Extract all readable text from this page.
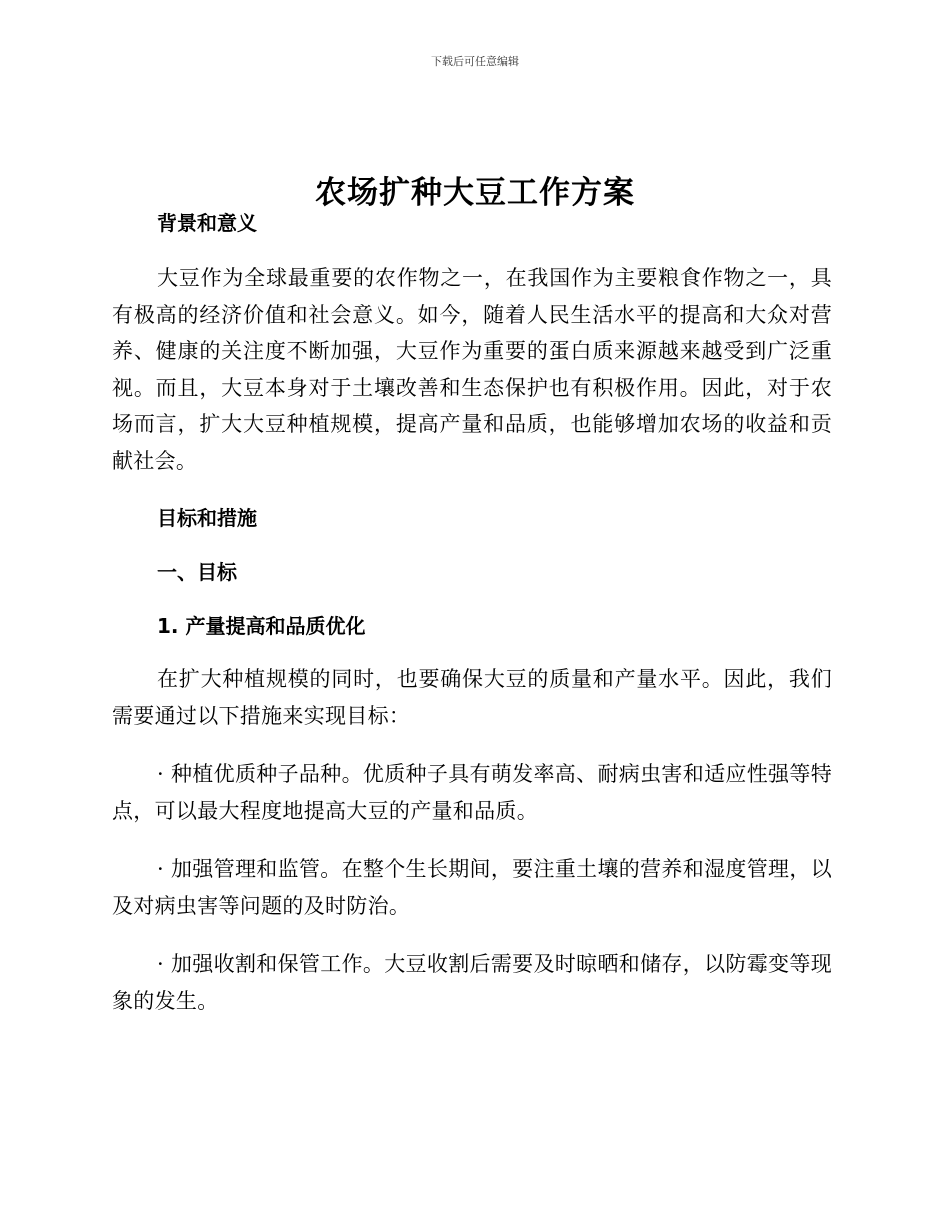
下载后可任意编辑
农场扩种大豆工作方案

背景和意义

大豆作为全球最重要的农作物之一，在我国作为主要粮食作物之一，具有极高的经济价值和社会意义。如今，随着人民生活水平的提高和大众对营养、健康的关注度不断加强，大豆作为重要的蛋白质来源越来越受到广泛重视。而且，大豆本身对于土壤改善和生态保护也有积极作用。因此，对于农场而言，扩大大豆种植规模，提高产量和品质，也能够增加农场的收益和贡献社会。

目标和措施

一、目标

1. 产量提高和品质优化

在扩大种植规模的同时，也要确保大豆的质量和产量水平。因此，我们需要通过以下措施来实现目标：

· 种植优质种子品种。优质种子具有萌发率高、耐病虫害和适应性强等特点，可以最大程度地提高大豆的产量和品质。

· 加强管理和监管。在整个生长期间，要注重土壤的营养和湿度管理，以及对病虫害等问题的及时防治。

· 加强收割和保管工作。大豆收割后需要及时晾晒和储存，以防霉变等现象的发生。
